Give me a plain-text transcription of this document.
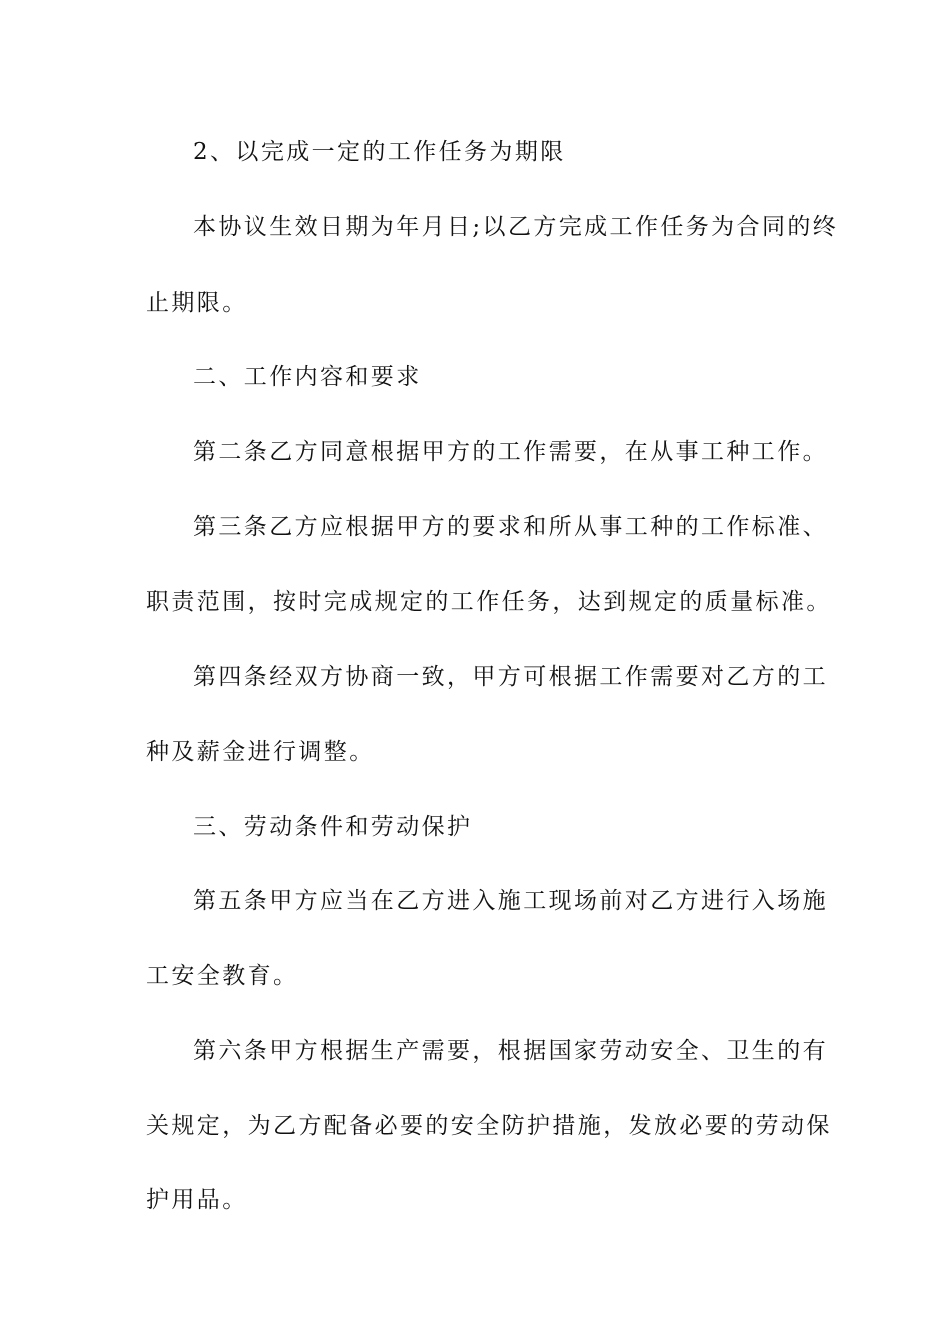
2、以完成一定的工作任务为期限
本协议生效日期为年月日;以乙方完成工作任务为合同的终
止期限。
二、工作内容和要求
第二条乙方同意根据甲方的工作需要，在从事工种工作。
第三条乙方应根据甲方的要求和所从事工种的工作标准、
职责范围，按时完成规定的工作任务，达到规定的质量标准。
第四条经双方协商一致，甲方可根据工作需要对乙方的工
种及薪金进行调整。
三、劳动条件和劳动保护
第五条甲方应当在乙方进入施工现场前对乙方进行入场施
工安全教育。
第六条甲方根据生产需要，根据国家劳动安全、卫生的有
关规定，为乙方配备必要的安全防护措施，发放必要的劳动保
护用品。
